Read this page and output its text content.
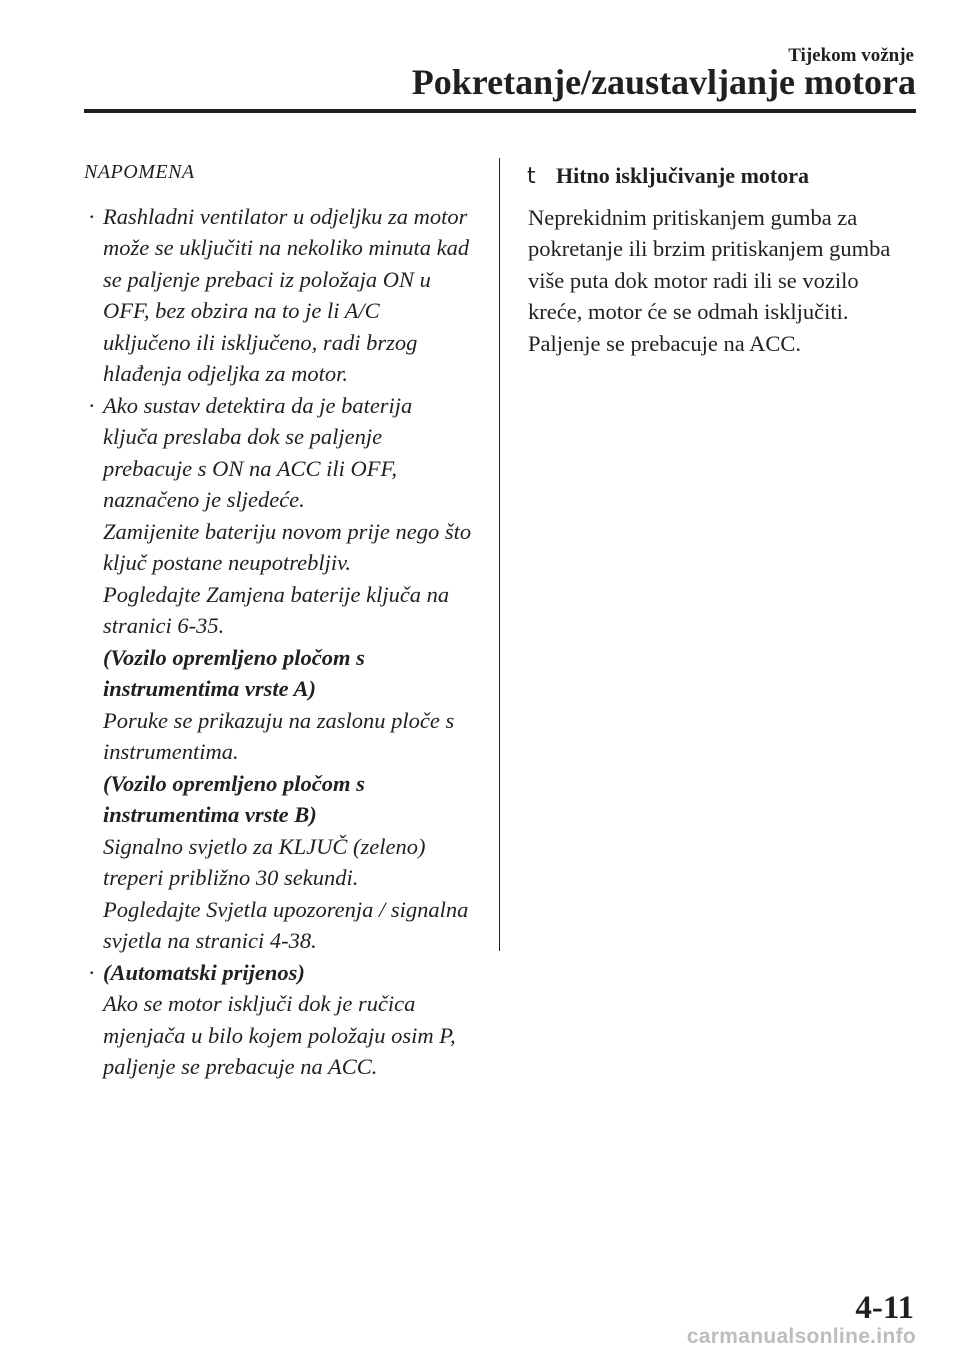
Tijekom vožnje
Pokretanje/zaustavljanje motora
NAPOMENA
· Rashladni ventilator u odjeljku za motor
može se uključiti na nekoliko minuta kad
se paljenje prebaci iz položaja ON u
OFF, bez obzira na to je li A/C
uključeno ili isključeno, radi brzog
hlađenja odjeljka za motor.
· Ako sustav detektira da je baterija
ključa preslaba dok se paljenje
prebacuje s ON na ACC ili OFF,
naznačeno je sljedeće.
Zamijenite bateriju novom prije nego što
ključ postane neupotrebljiv.
Pogledajte Zamjena baterije ključa na
stranici 6-35.
(Vozilo opremljeno pločom s
instrumentima vrste A)
Poruke se prikazuju na zaslonu ploče s
instrumentima.
(Vozilo opremljeno pločom s
instrumentima vrste B)
Signalno svjetlo za KLJUČ (zeleno)
treperi približno 30 sekundi.
Pogledajte Svjetla upozorenja / signalna
svjetla na stranici 4-38.
· (Automatski prijenos)
Ako se motor isključi dok je ručica
mjenjača u bilo kojem položaju osim P,
paljenje se prebacuje na ACC.
t Hitno isključivanje motora
Neprekidnim pritiskanjem gumba za
pokretanje ili brzim pritiskanjem gumba
više puta dok motor radi ili se vozilo
kreće, motor će se odmah isključiti.
Paljenje se prebacuje na ACC.
4-11
carmanualsonline.info
